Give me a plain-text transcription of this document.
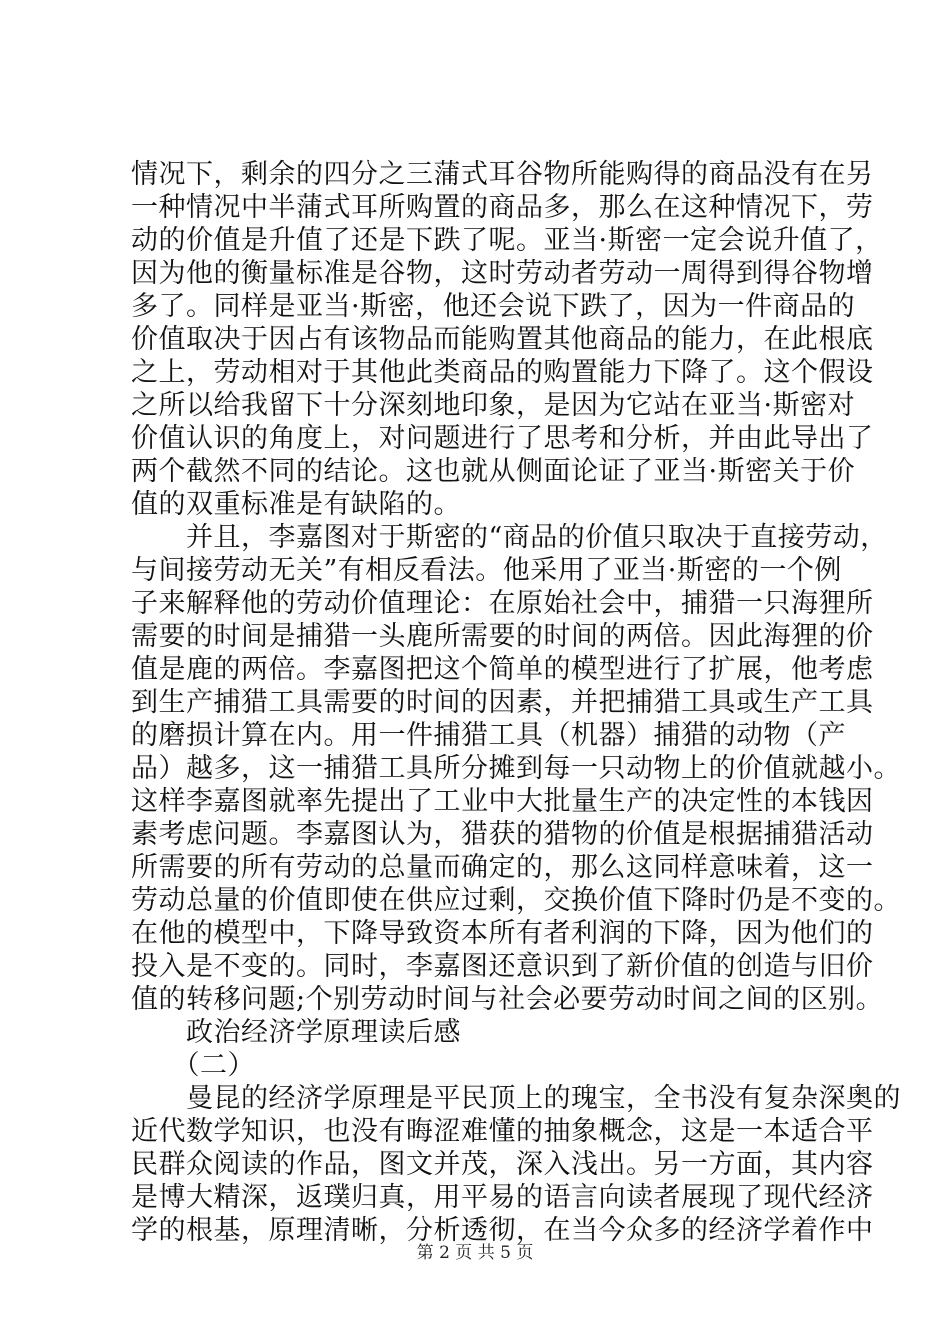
情况下，剩余的四分之三蒲式耳谷物所能购得的商品没有在另
一种情况中半蒲式耳所购置的商品多，那么在这种情况下，劳
动的价值是升值了还是下跌了呢。亚当·斯密一定会说升值了，
因为他的衡量标准是谷物，这时劳动者劳动一周得到得谷物增
多了。同样是亚当·斯密，他还会说下跌了，因为一件商品的
价值取决于因占有该物品而能购置其他商品的能力，在此根底
之上，劳动相对于其他此类商品的购置能力下降了。这个假设
之所以给我留下十分深刻地印象，是因为它站在亚当·斯密对
价值认识的角度上，对问题进行了思考和分析，并由此导出了
两个截然不同的结论。这也就从侧面论证了亚当·斯密关于价
值的双重标准是有缺陷的。
　　并且，李嘉图对于斯密的“商品的价值只取决于直接劳动，
与间接劳动无关”有相反看法。他采用了亚当·斯密的一个例
子来解释他的劳动价值理论：在原始社会中，捕猎一只海狸所
需要的时间是捕猎一头鹿所需要的时间的两倍。因此海狸的价
值是鹿的两倍。李嘉图把这个简单的模型进行了扩展，他考虑
到生产捕猎工具需要的时间的因素，并把捕猎工具或生产工具
的磨损计算在内。用一件捕猎工具（机器）捕猎的动物（产
品）越多，这一捕猎工具所分摊到每一只动物上的价值就越小。
这样李嘉图就率先提出了工业中大批量生产的决定性的本钱因
素考虑问题。李嘉图认为，猎获的猎物的价值是根据捕猎活动
所需要的所有劳动的总量而确定的，那么这同样意味着，这一
劳动总量的价值即使在供应过剩，交换价值下降时仍是不变的。
在他的模型中，下降导致资本所有者利润的下降，因为他们的
投入是不变的。同时，李嘉图还意识到了新价值的创造与旧价
值的转移问题;个别劳动时间与社会必要劳动时间之间的区别。
　　政治经济学原理读后感
　　（二）
　　曼昆的经济学原理是平民顶上的瑰宝，全书没有复杂深奥的
近代数学知识，也没有晦涩难懂的抽象概念，这是一本适合平
民群众阅读的作品，图文并茂，深入浅出。另一方面，其内容
是博大精深，返璞归真，用平易的语言向读者展现了现代经济
学的根基，原理清晰，分析透彻，在当今众多的经济学着作中
第 2 页 共 5 页
